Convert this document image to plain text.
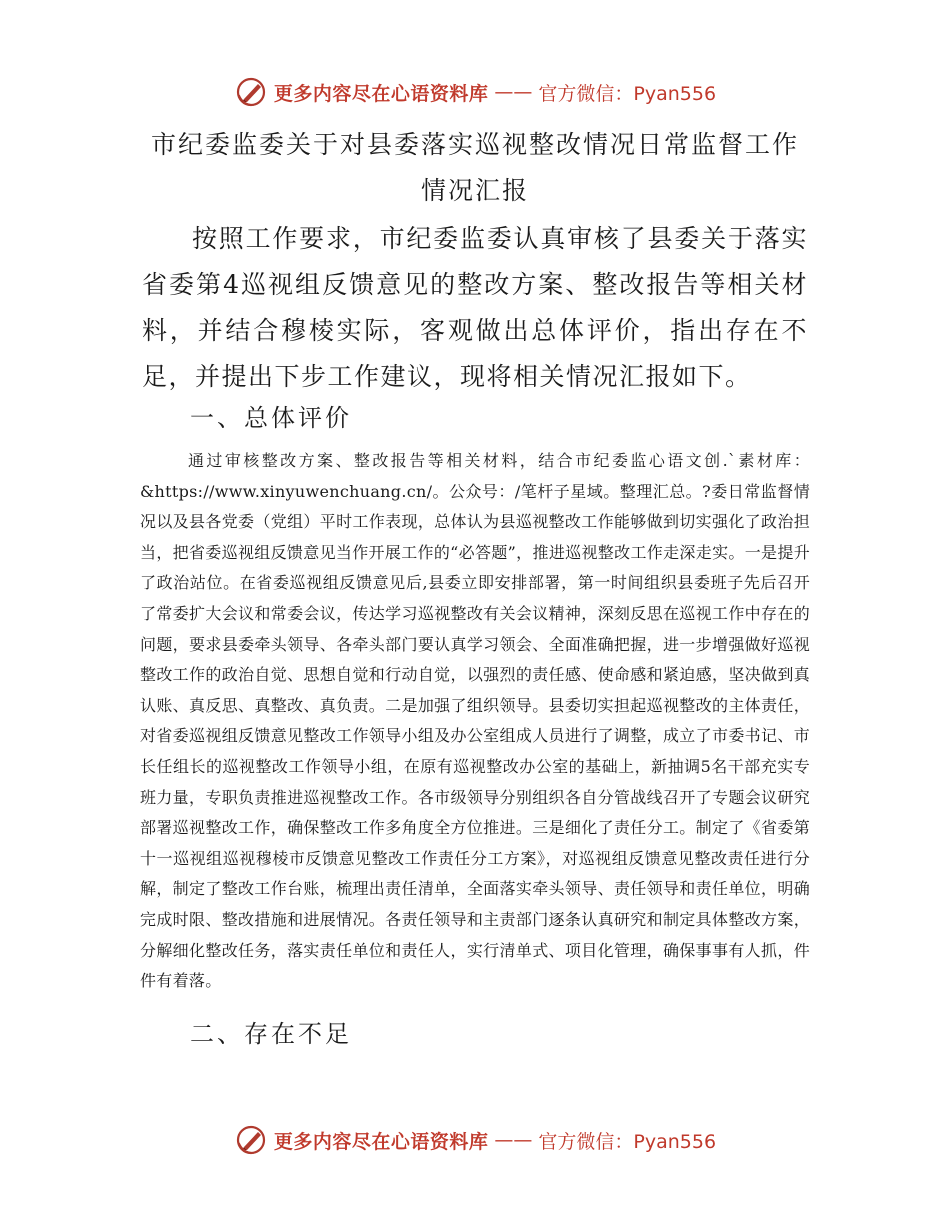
更多内容尽在心语资料库 —— 官方微信：Pyan556
市纪委监委关于对县委落实巡视整改情况日常监督工作情况汇报

按照工作要求，市纪委监委认真审核了县委关于落实省委第4巡视组反馈意见的整改方案、整改报告等相关材料，并结合穆棱实际，客观做出总体评价，指出存在不足，并提出下步工作建议，现将相关情况汇报如下。

一、总体评价

通过审核整改方案、整改报告等相关材料，结合市纪委监心语文创.`素材库：&https://www.xinyuwenchuang.cn/。公众号：/笔杆子星域。整理汇总。?委日常监督情况以及县各党委（党组）平时工作表现，总体认为县巡视整改工作能够做到切实强化了政治担当，把省委巡视组反馈意见当作开展工作的“必答题”，推进巡视整改工作走深走实。一是提升了政治站位。在省委巡视组反馈意见后,县委立即安排部署，第一时间组织县委班子先后召开了常委扩大会议和常委会议，传达学习巡视整改有关会议精神，深刻反思在巡视工作中存在的问题，要求县委牵头领导、各牵头部门要认真学习领会、全面准确把握，进一步增强做好巡视整改工作的政治自觉、思想自觉和行动自觉，以强烈的责任感、使命感和紧迫感，坚决做到真认账、真反思、真整改、真负责。二是加强了组织领导。县委切实担起巡视整改的主体责任，对省委巡视组反馈意见整改工作领导小组及办公室组成人员进行了调整，成立了市委书记、市长任组长的巡视整改工作领导小组，在原有巡视整改办公室的基础上，新抽调5名干部充实专班力量，专职负责推进巡视整改工作。各市级领导分别组织各自分管战线召开了专题会议研究部署巡视整改工作，确保整改工作多角度全方位推进。三是细化了责任分工。制定了《省委第十一巡视组巡视穆棱市反馈意见整改工作责任分工方案》，对巡视组反馈意见整改责任进行分解，制定了整改工作台账，梳理出责任清单，全面落实牵头领导、责任领导和责任单位，明确完成时限、整改措施和进展情况。各责任领导和主责部门逐条认真研究和制定具体整改方案，分解细化整改任务，落实责任单位和责任人，实行清单式、项目化管理，确保事事有人抓，件件有着落。

二、存在不足
更多内容尽在心语资料库 —— 官方微信：Pyan556
